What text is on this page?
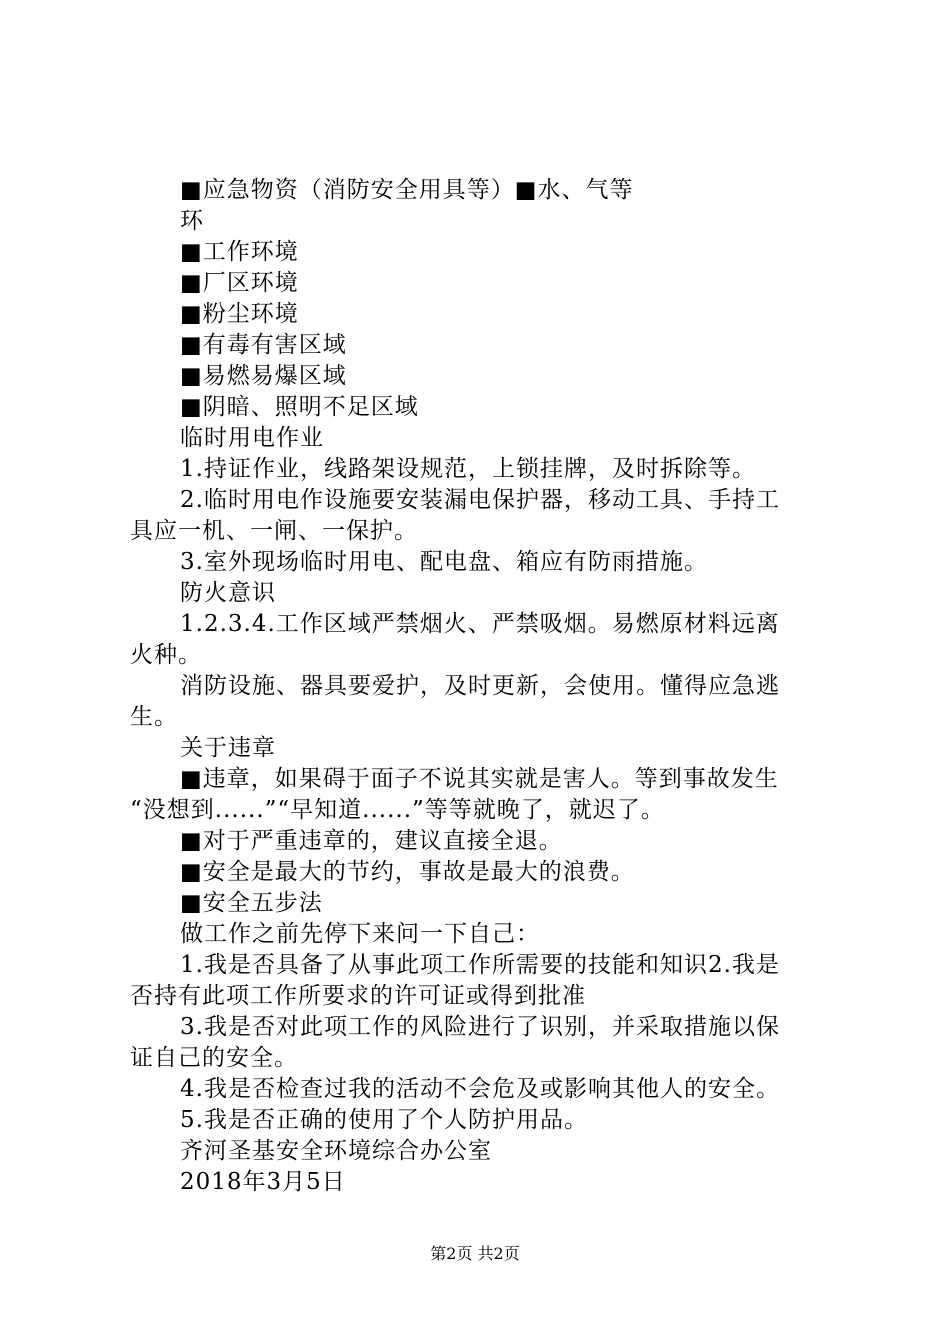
■应急物资（消防安全用具等）■水、气等

环

■工作环境

■厂区环境

■粉尘环境

■有毒有害区域

■易燃易爆区域

■阴暗、照明不足区域

临时用电作业

1.持证作业，线路架设规范，上锁挂牌，及时拆除等。

2.临时用电作设施要安装漏电保护器，移动工具、手持工

具应一机、一闸、一保护。

3.室外现场临时用电、配电盘、箱应有防雨措施。

防火意识

1.2.3.4.工作区域严禁烟火、严禁吸烟。易燃原材料远离

火种。

消防设施、器具要爱护，及时更新，会使用。懂得应急逃

生。

关于违章

■违章，如果碍于面子不说其实就是害人。等到事故发生

“没想到......”“早知道......”等等就晚了，就迟了。

■对于严重违章的，建议直接全退。

■安全是最大的节约，事故是最大的浪费。

■安全五步法

做工作之前先停下来问一下自己：

1.我是否具备了从事此项工作所需要的技能和知识2.我是

否持有此项工作所要求的许可证或得到批准

3.我是否对此项工作的风险进行了识别，并采取措施以保

证自己的安全。

4.我是否检查过我的活动不会危及或影响其他人的安全。

5.我是否正确的使用了个人防护用品。

齐河圣基安全环境综合办公室

2018年3月5日

第2页 共2页
